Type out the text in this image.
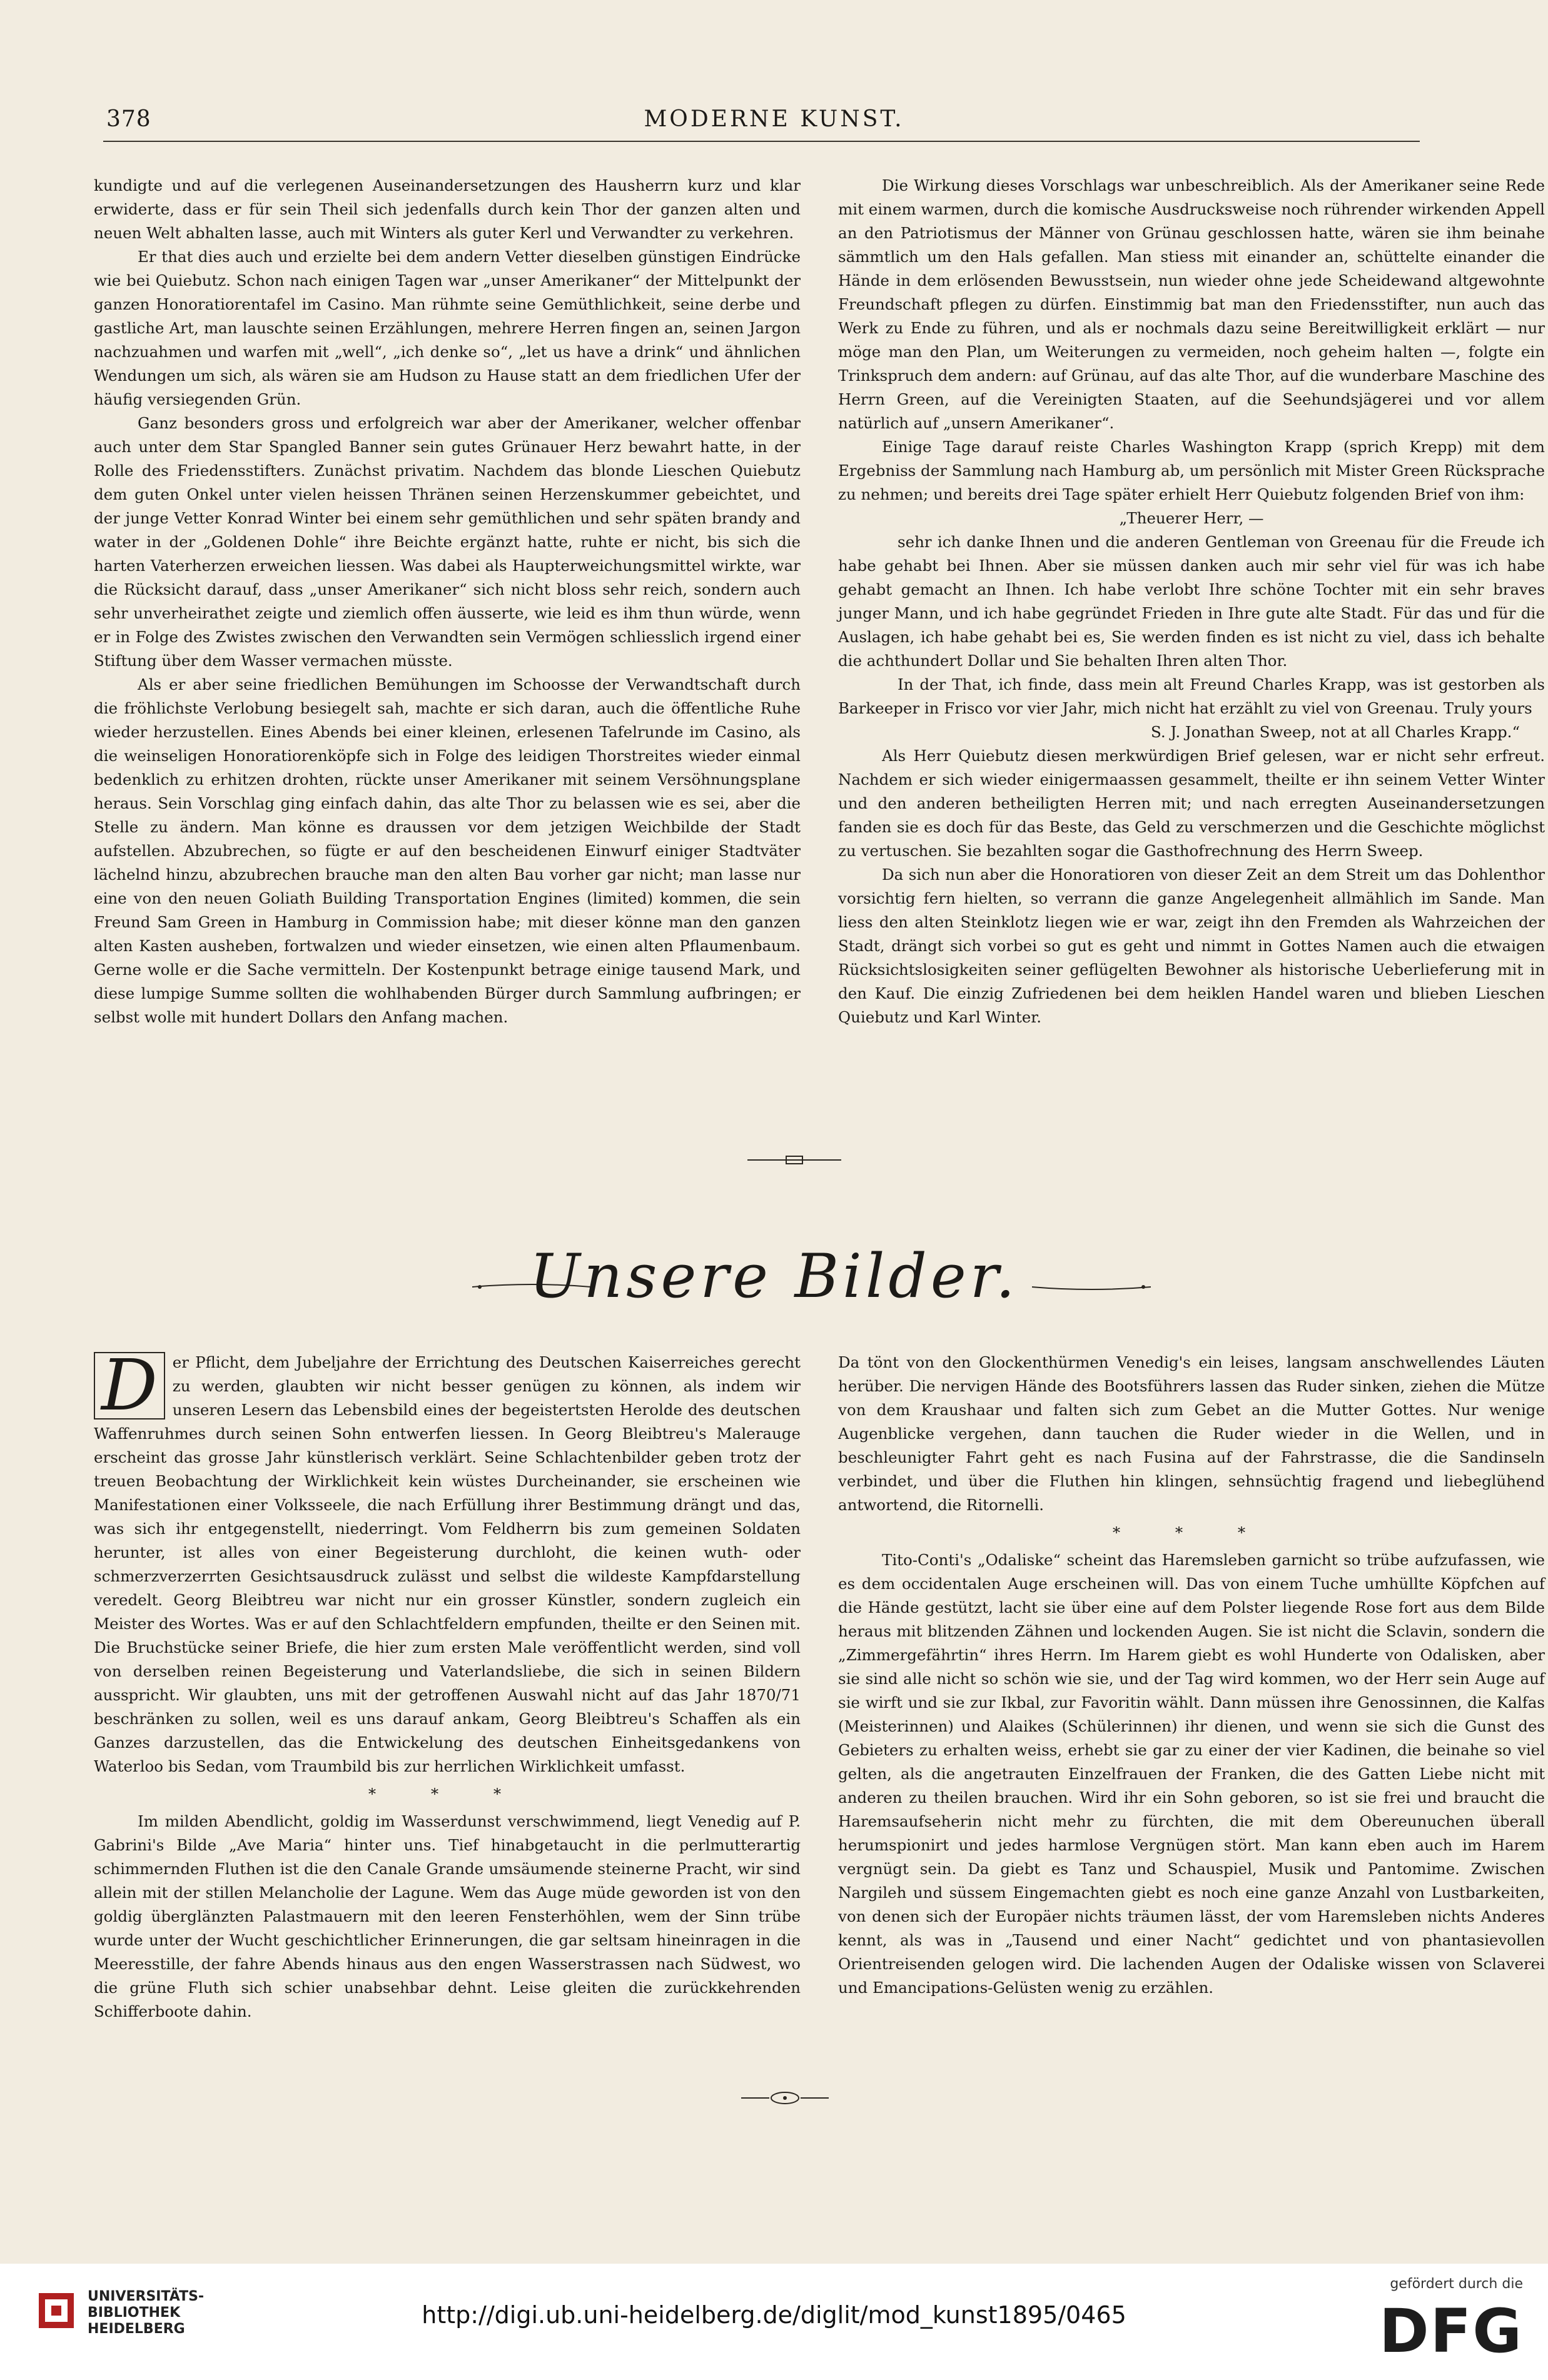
378	MODERNE KUNST.

kundigte und auf die verlegenen Auseinandersetzungen des Hausherrn kurz und klar erwiderte, dass er für sein Theil sich jedenfalls durch kein Thor der ganzen alten und neuen Welt abhalten lasse, auch mit Winters als guter Kerl und Verwandter zu verkehren.

Er that dies auch und erzielte bei dem andern Vetter dieselben günstigen Eindrücke wie bei Quiebutz. Schon nach einigen Tagen war „unser Amerikaner“ der Mittelpunkt der ganzen Honoratiorentafel im Casino. Man rühmte seine Gemüthlichkeit, seine derbe und gastliche Art, man lauschte seinen Erzählungen, mehrere Herren fingen an, seinen Jargon nachzuahmen und warfen mit „well“, „ich denke so“, „let us have a drink“ und ähnlichen Wendungen um sich, als wären sie am Hudson zu Hause statt an dem friedlichen Ufer der häufig versiegenden Grün.

Ganz besonders gross und erfolgreich war aber der Amerikaner, welcher offenbar auch unter dem Star Spangled Banner sein gutes Grünauer Herz bewahrt hatte, in der Rolle des Friedensstifters. Zunächst privatim. Nachdem das blonde Lieschen Quiebutz dem guten Onkel unter vielen heissen Thränen seinen Herzenskummer gebeichtet, und der junge Vetter Konrad Winter bei einem sehr gemüthlichen und sehr späten brandy and water in der „Goldenen Dohle“ ihre Beichte ergänzt hatte, ruhte er nicht, bis sich die harten Vaterherzen erweichen liessen. Was dabei als Haupterweichungsmittel wirkte, war die Rücksicht darauf, dass „unser Amerikaner“ sich nicht bloss sehr reich, sondern auch sehr unverheirathet zeigte und ziemlich offen äusserte, wie leid es ihm thun würde, wenn er in Folge des Zwistes zwischen den Verwandten sein Vermögen schliesslich irgend einer Stiftung über dem Wasser vermachen müsste.

Als er aber seine friedlichen Bemühungen im Schoosse der Verwandtschaft durch die fröhlichste Verlobung besiegelt sah, machte er sich daran, auch die öffentliche Ruhe wieder herzustellen. Eines Abends bei einer kleinen, erlesenen Tafelrunde im Casino, als die weinseligen Honoratiorenköpfe sich in Folge des leidigen Thorstreites wieder einmal bedenklich zu erhitzen drohten, rückte unser Amerikaner mit seinem Versöhnungsplane heraus. Sein Vorschlag ging einfach dahin, das alte Thor zu belassen wie es sei, aber die Stelle zu ändern. Man könne es draussen vor dem jetzigen Weichbilde der Stadt aufstellen. Abzubrechen, so fügte er auf den bescheidenen Einwurf einiger Stadtväter lächelnd hinzu, abzubrechen brauche man den alten Bau vorher gar nicht; man lasse nur eine von den neuen Goliath Building Transportation Engines (limited) kommen, die sein Freund Sam Green in Hamburg in Commission habe; mit dieser könne man den ganzen alten Kasten ausheben, fortwalzen und wieder einsetzen, wie einen alten Pflaumenbaum. Gerne wolle er die Sache vermitteln. Der Kostenpunkt betrage einige tausend Mark, und diese lumpige Summe sollten die wohlhabenden Bürger durch Sammlung aufbringen; er selbst wolle mit hundert Dollars den Anfang machen.

Die Wirkung dieses Vorschlags war unbeschreiblich. Als der Amerikaner seine Rede mit einem warmen, durch die komische Ausdrucksweise noch rührender wirkenden Appell an den Patriotismus der Männer von Grünau geschlossen hatte, wären sie ihm beinahe sämmtlich um den Hals gefallen. Man stiess mit einander an, schüttelte einander die Hände in dem erlösenden Bewusstsein, nun wieder ohne jede Scheidewand altgewohnte Freundschaft pflegen zu dürfen. Einstimmig bat man den Friedensstifter, nun auch das Werk zu Ende zu führen, und als er nochmals dazu seine Bereitwilligkeit erklärt — nur möge man den Plan, um Weiterungen zu vermeiden, noch geheim halten —, folgte ein Trinkspruch dem andern: auf Grünau, auf das alte Thor, auf die wunderbare Maschine des Herrn Green, auf die Vereinigten Staaten, auf die Seehundsjägerei und vor allem natürlich auf „unsern Amerikaner“.

Einige Tage darauf reiste Charles Washington Krapp (sprich Krepp) mit dem Ergebniss der Sammlung nach Hamburg ab, um persönlich mit Mister Green Rücksprache zu nehmen; und bereits drei Tage später erhielt Herr Quiebutz folgenden Brief von ihm:

„Theuerer Herr, —

sehr ich danke Ihnen und die anderen Gentleman von Greenau für die Freude ich habe gehabt bei Ihnen. Aber sie müssen danken auch mir sehr viel für was ich habe gehabt gemacht an Ihnen. Ich habe verlobt Ihre schöne Tochter mit ein sehr braves junger Mann, und ich habe gegründet Frieden in Ihre gute alte Stadt. Für das und für die Auslagen, ich habe gehabt bei es, Sie werden finden es ist nicht zu viel, dass ich behalte die achthundert Dollar und Sie behalten Ihren alten Thor.

In der That, ich finde, dass mein alt Freund Charles Krapp, was ist gestorben als Barkeeper in Frisco vor vier Jahr, mich nicht hat erzählt zu viel von Greenau. Truly yours

S. J. Jonathan Sweep, not at all Charles Krapp.“

Als Herr Quiebutz diesen merkwürdigen Brief gelesen, war er nicht sehr erfreut. Nachdem er sich wieder einigermaassen gesammelt, theilte er ihn seinem Vetter Winter und den anderen betheiligten Herren mit; und nach erregten Auseinandersetzungen fanden sie es doch für das Beste, das Geld zu verschmerzen und die Geschichte möglichst zu vertuschen. Sie bezahlten sogar die Gasthofrechnung des Herrn Sweep.

Da sich nun aber die Honoratioren von dieser Zeit an dem Streit um das Dohlenthor vorsichtig fern hielten, so verrann die ganze Angelegenheit allmählich im Sande. Man liess den alten Steinklotz liegen wie er war, zeigt ihn den Fremden als Wahrzeichen der Stadt, drängt sich vorbei so gut es geht und nimmt in Gottes Namen auch die etwaigen Rücksichtslosigkeiten seiner geflügelten Bewohner als historische Ueberlieferung mit in den Kauf. Die einzig Zufriedenen bei dem heiklen Handel waren und blieben Lieschen Quiebutz und Karl Winter.

Unsere Bilder.

D er Pflicht, dem Jubeljahre der Errichtung des Deutschen Kaiserreiches gerecht zu werden, glaubten wir nicht besser genügen zu können, als indem wir unseren Lesern das Lebensbild eines der begeistertsten Herolde des deutschen Waffenruhmes durch seinen Sohn entwerfen liessen. In Georg Bleibtreu's Malerauge erscheint das grosse Jahr künstlerisch verklärt. Seine Schlachtenbilder geben trotz der treuen Beobachtung der Wirklichkeit kein wüstes Durcheinander, sie erscheinen wie Manifestationen einer Volksseele, die nach Erfüllung ihrer Bestimmung drängt und das, was sich ihr entgegenstellt, niederringt. Vom Feldherrn bis zum gemeinen Soldaten herunter, ist alles von einer Begeisterung durchloht, die keinen wuth- oder schmerzverzerrten Gesichtsausdruck zulässt und selbst die wildeste Kampfdarstellung veredelt. Georg Bleibtreu war nicht nur ein grosser Künstler, sondern zugleich ein Meister des Wortes. Was er auf den Schlachtfeldern empfunden, theilte er den Seinen mit. Die Bruchstücke seiner Briefe, die hier zum ersten Male veröffentlicht werden, sind voll von derselben reinen Begeisterung und Vaterlandsliebe, die sich in seinen Bildern ausspricht. Wir glaubten, uns mit der getroffenen Auswahl nicht auf das Jahr 1870/71 beschränken zu sollen, weil es uns darauf ankam, Georg Bleibtreu's Schaffen als ein Ganzes darzustellen, das die Entwickelung des deutschen Einheitsgedankens von Waterloo bis Sedan, vom Traumbild bis zur herrlichen Wirklichkeit umfasst.

* * *

Im milden Abendlicht, goldig im Wasserdunst verschwimmend, liegt Venedig auf P. Gabrini's Bilde „Ave Maria“ hinter uns. Tief hinabgetaucht in die perlmutterartig schimmernden Fluthen ist die den Canale Grande umsäumende steinerne Pracht, wir sind allein mit der stillen Melancholie der Lagune. Wem das Auge müde geworden ist von den goldig überglänzten Palastmauern mit den leeren Fensterhöhlen, wem der Sinn trübe wurde unter der Wucht geschichtlicher Erinnerungen, die gar seltsam hineinragen in die Meeresstille, der fahre Abends hinaus aus den engen Wasserstrassen nach Südwest, wo die grüne Fluth sich schier unabsehbar dehnt. Leise gleiten die zurückkehrenden Schifferboote dahin.

Da tönt von den Glockenthürmen Venedig's ein leises, langsam anschwellendes Läuten herüber. Die nervigen Hände des Bootsführers lassen das Ruder sinken, ziehen die Mütze von dem Kraushaar und falten sich zum Gebet an die Mutter Gottes. Nur wenige Augenblicke vergehen, dann tauchen die Ruder wieder in die Wellen, und in beschleunigter Fahrt geht es nach Fusina auf der Fahrstrasse, die die Sandinseln verbindet, und über die Fluthen hin klingen, sehnsüchtig fragend und liebeglühend antwortend, die Ritornelli.

* * *

Tito-Conti's „Odaliske“ scheint das Haremsleben garnicht so trübe aufzufassen, wie es dem occidentalen Auge erscheinen will. Das von einem Tuche umhüllte Köpfchen auf die Hände gestützt, lacht sie über eine auf dem Polster liegende Rose fort aus dem Bilde heraus mit blitzenden Zähnen und lockenden Augen. Sie ist nicht die Sclavin, sondern die „Zimmergefährtin“ ihres Herrn. Im Harem giebt es wohl Hunderte von Odalisken, aber sie sind alle nicht so schön wie sie, und der Tag wird kommen, wo der Herr sein Auge auf sie wirft und sie zur Ikbal, zur Favoritin wählt. Dann müssen ihre Genossinnen, die Kalfas (Meisterinnen) und Alaikes (Schülerinnen) ihr dienen, und wenn sie sich die Gunst des Gebieters zu erhalten weiss, erhebt sie gar zu einer der vier Kadinen, die beinahe so viel gelten, als die angetrauten Einzelfrauen der Franken, die des Gatten Liebe nicht mit anderen zu theilen brauchen. Wird ihr ein Sohn geboren, so ist sie frei und braucht die Haremsaufseherin nicht mehr zu fürchten, die mit dem Obereunuchen überall herumspionirt und jedes harmlose Vergnügen stört. Man kann eben auch im Harem vergnügt sein. Da giebt es Tanz und Schauspiel, Musik und Pantomime. Zwischen Nargileh und süssem Eingemachten giebt es noch eine ganze Anzahl von Lustbarkeiten, von denen sich der Europäer nichts träumen lässt, der vom Haremsleben nichts Anderes kennt, als was in „Tausend und einer Nacht“ gedichtet und von phantasievollen Orientreisenden gelogen wird. Die lachenden Augen der Odaliske wissen von Sclaverei und Emancipations-Gelüsten wenig zu erzählen.

UNIVERSITÄTS-
BIBLIOTHEK
HEIDELBERG
http://digi.ub.uni-heidelberg.de/diglit/mod_kunst1895/0465
gefördert durch die
DFG
